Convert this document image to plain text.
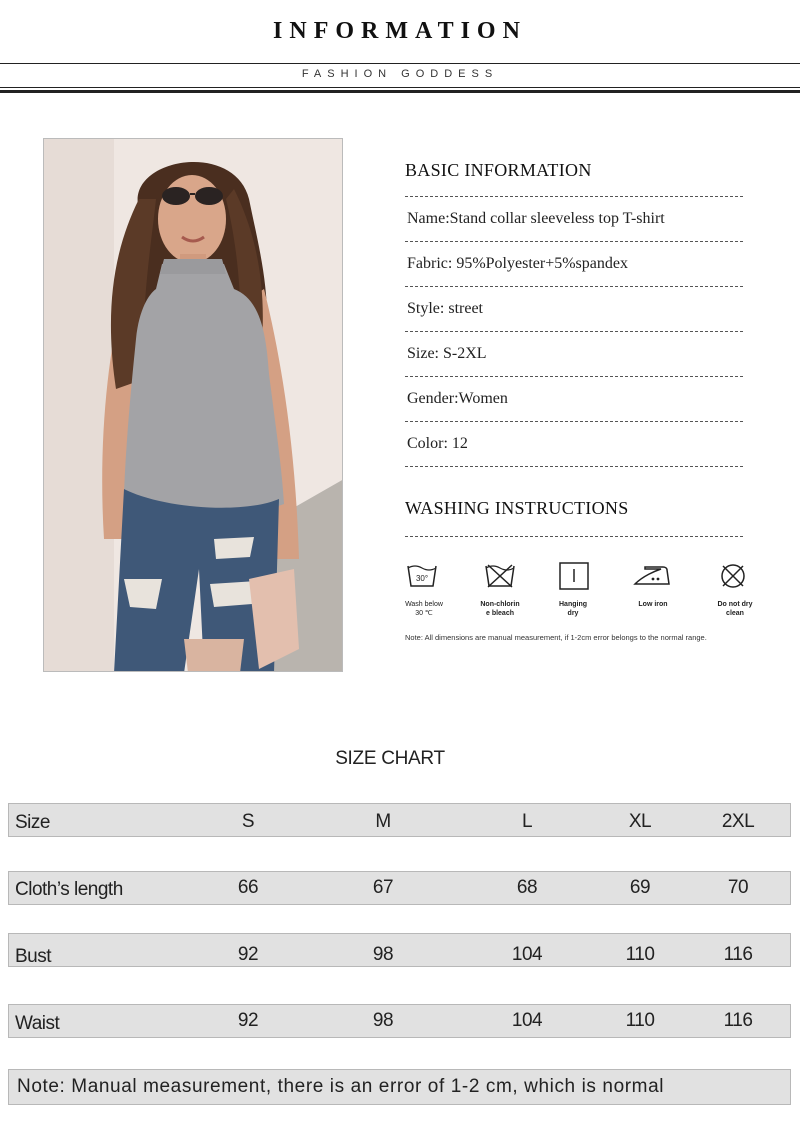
INFORMATION
FASHION GODDESS
BASIC INFORMATION
Name:Stand collar sleeveless top T-shirt
Fabric: 95%Polyester+5%spandex
Style: street
Size: S-2XL
Gender:Women
Color: 12
WASHING INSTRUCTIONS
30°
Wash below
30 ℃
Non-chlorin
e bleach
Hanging
dry
Low iron	Do not dry
clean
Note: All dimensions are manual measurement, if 1-2cm error belongs to the normal range.
SIZE CHART
Size	S	M	L	XL	2XL
Cloth’s length	66	67	68	69	70
Bust	92	98	104	110	116
Waist	92	98	104	110	116
Note: Manual measurement, there is an error of 1-2 cm, which is normal
